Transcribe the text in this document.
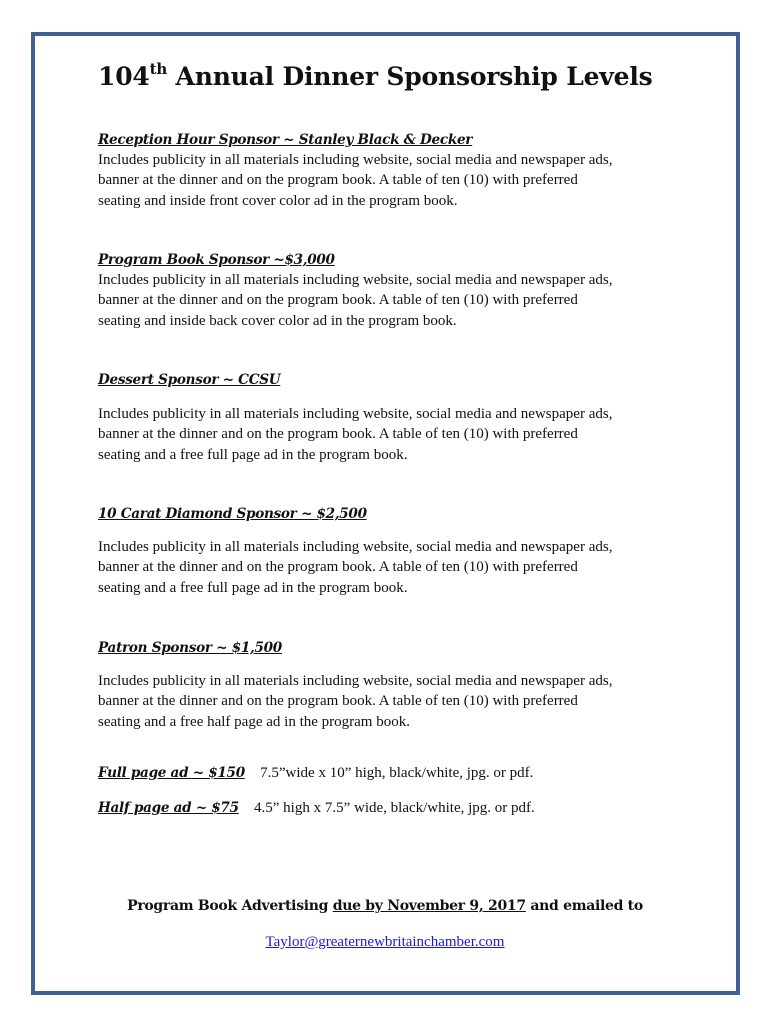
104th Annual Dinner Sponsorship Levels
Reception Hour Sponsor ~ Stanley Black & Decker

Includes publicity in all materials including website, social media and newspaper ads,
banner at the dinner and on the program book. A table of ten (10) with preferred
seating and inside front cover color ad in the program book.

Program Book Sponsor ~$3,000

Includes publicity in all materials including website, social media and newspaper ads,
banner at the dinner and on the program book. A table of ten (10) with preferred
seating and inside back cover color ad in the program book.

Dessert Sponsor ~ CCSU

Includes publicity in all materials including website, social media and newspaper ads,
banner at the dinner and on the program book. A table of ten (10) with preferred
seating and a free full page ad in the program book.

10 Carat Diamond Sponsor ~ $2,500

Includes publicity in all materials including website, social media and newspaper ads,
banner at the dinner and on the program book. A table of ten (10) with preferred
seating and a free full page ad in the program book.

Patron Sponsor ~ $1,500

Includes publicity in all materials including website, social media and newspaper ads,
banner at the dinner and on the program book. A table of ten (10) with preferred
seating and a free half page ad in the program book.

Full page ad ~ $150 7.5”wide x 10” high, black/white, jpg. or pdf.
Half page ad ~ $75 4.5” high x 7.5” wide, black/white, jpg. or pdf.
Program Book Advertising due by November 9, 2017 and emailed to
Taylor@greaternewbritainchamber.com
